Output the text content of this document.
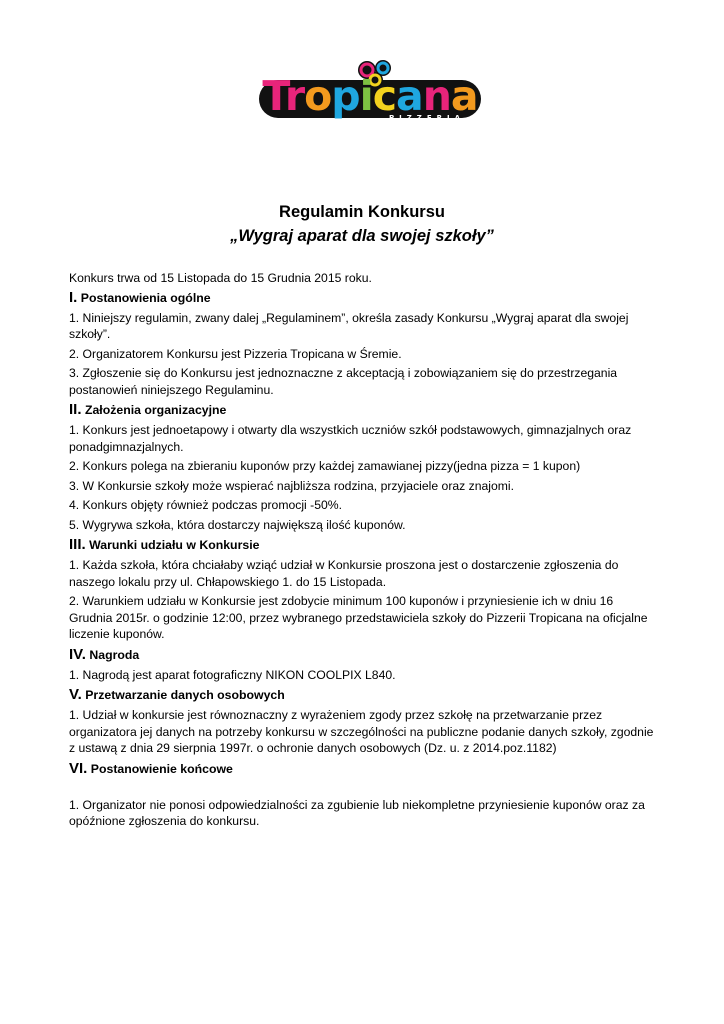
Tropicana
PIZZERIA
Regulamin Konkursu
„Wygraj aparat dla swojej szkoły”

Konkurs trwa od 15 Listopada do 15 Grudnia 2015 roku.

I. Postanowienia ogólne

1. Niniejszy regulamin, zwany dalej „Regulaminem”, określa zasady Konkursu „Wygraj aparat dla swojej szkoły”.

2. Organizatorem Konkursu jest Pizzeria Tropicana w Śremie.

3. Zgłoszenie się do Konkursu jest jednoznaczne z akceptacją i zobowiązaniem się do przestrzegania postanowień niniejszego Regulaminu.

II. Założenia organizacyjne

1. Konkurs jest jednoetapowy i otwarty dla wszystkich uczniów szkół podstawowych, gimnazjalnych oraz ponadgimnazjalnych.

2. Konkurs polega na zbieraniu kuponów przy każdej zamawianej pizzy(jedna pizza = 1 kupon)

3. W Konkursie szkoły może wspierać najbliższa rodzina, przyjaciele oraz znajomi.

4. Konkurs objęty również podczas promocji -50%.

5. Wygrywa szkoła, która dostarczy największą ilość kuponów.

III. Warunki udziału w Konkursie

1. Każda szkoła, która chciałaby wziąć udział w Konkursie proszona jest o dostarczenie zgłoszenia do naszego lokalu przy ul. Chłapowskiego 1. do 15 Listopada.

2. Warunkiem udziału w Konkursie jest zdobycie minimum 100 kuponów i przyniesienie ich w dniu 16 Grudnia 2015r. o godzinie 12:00, przez wybranego przedstawiciela szkoły do Pizzerii Tropicana na oficjalne liczenie kuponów.

IV. Nagroda

1. Nagrodą jest aparat fotograficzny NIKON COOLPIX L840.

V. Przetwarzanie danych osobowych

1. Udział w konkursie jest równoznaczny z wyrażeniem zgody przez szkołę na przetwarzanie przez organizatora jej danych na potrzeby konkursu w szczególności na publiczne podanie danych szkoły, zgodnie z ustawą z dnia 29 sierpnia 1997r. o ochronie danych osobowych (Dz. u. z 2014.poz.1182)

VI. Postanowienie końcowe

1. Organizator nie ponosi odpowiedzialności za zgubienie lub niekompletne przyniesienie kuponów oraz za opóźnione zgłoszenia do konkursu.
